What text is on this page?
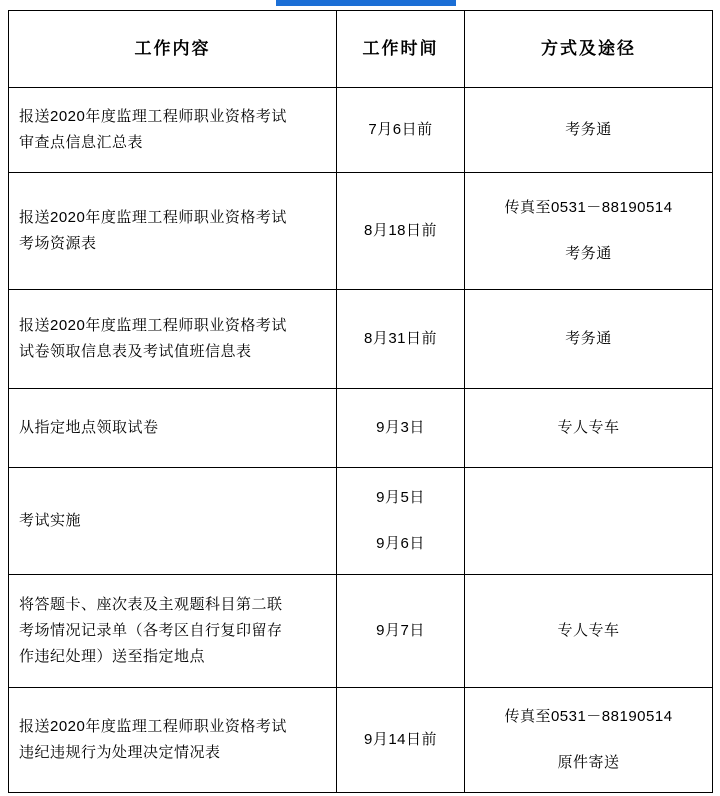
工作内容	工作时间	方式及途径

报送2020年度监理工程师职业资格考试
审查点信息汇总表	7月6日前	考务通

报送2020年度监理工程师职业资格考试
考场资源表	8月18日前	传真至0531－88190514
考务通

报送2020年度监理工程师职业资格考试
试卷领取信息表及考试值班信息表	8月31日前	考务通

从指定地点领取试卷	9月3日	专人专车

考试实施	9月5日
9月6日	

将答题卡、座次表及主观题科目第二联
考场情况记录单（各考区自行复印留存
作违纪处理）送至指定地点	9月7日	专人专车

报送2020年度监理工程师职业资格考试
违纪违规行为处理决定情况表	9月14日前	传真至0531－88190514
原件寄送
